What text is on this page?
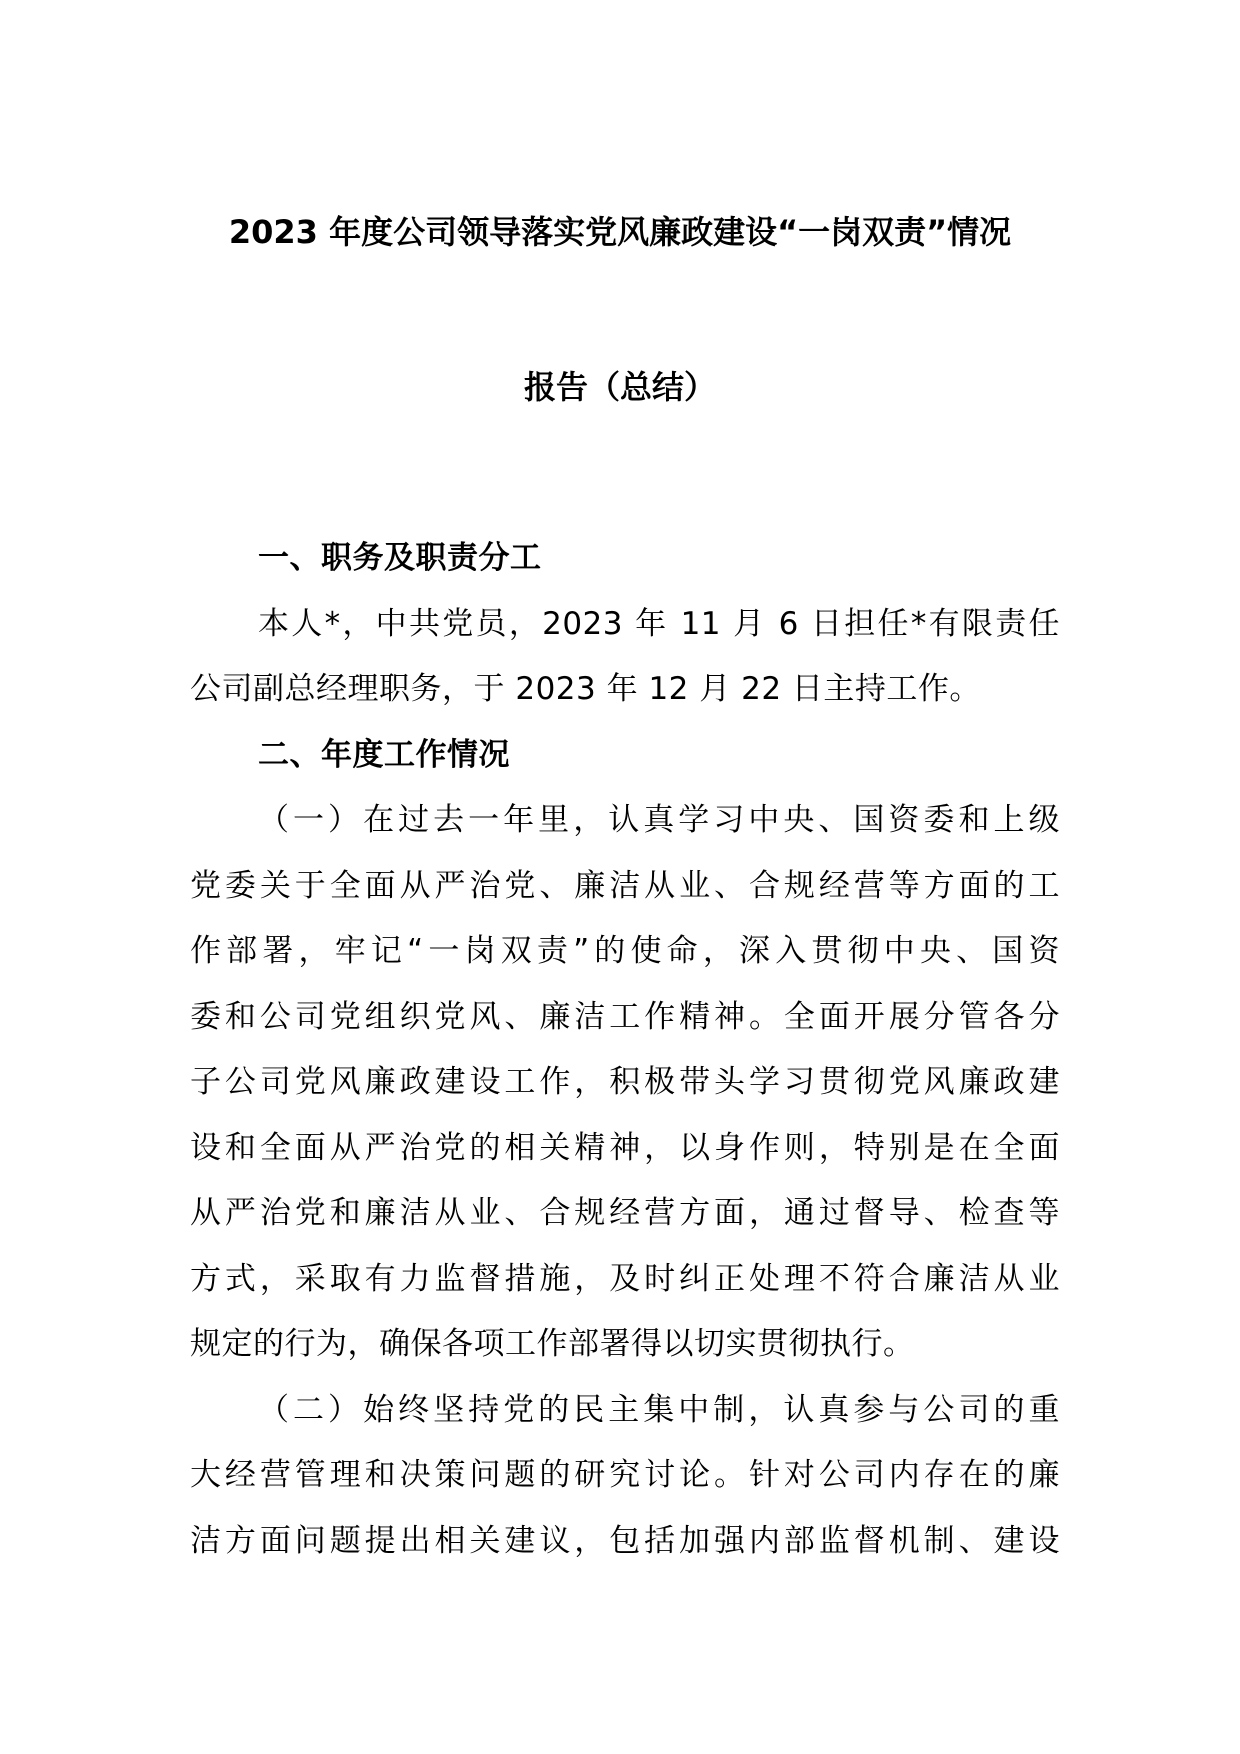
2023 年度公司领导落实党风廉政建设“一岗双责”情况
报告（总结）
一、职务及职责分工

本人*，中共党员，2023 年 11 月 6 日担任*有限责任
公司副总经理职务，于 2023 年 12 月 22 日主持工作。

二、年度工作情况

（一）在过去一年里，认真学习中央、国资委和上级
党委关于全面从严治党、廉洁从业、合规经营等方面的工
作部署，牢记“一岗双责”的使命，深入贯彻中央、国资
委和公司党组织党风、廉洁工作精神。全面开展分管各分
子公司党风廉政建设工作，积极带头学习贯彻党风廉政建
设和全面从严治党的相关精神，以身作则，特别是在全面
从严治党和廉洁从业、合规经营方面，通过督导、检查等
方式，采取有力监督措施，及时纠正处理不符合廉洁从业
规定的行为，确保各项工作部署得以切实贯彻执行。

（二）始终坚持党的民主集中制，认真参与公司的重
大经营管理和决策问题的研究讨论。针对公司内存在的廉
洁方面问题提出相关建议，包括加强内部监督机制、建设
